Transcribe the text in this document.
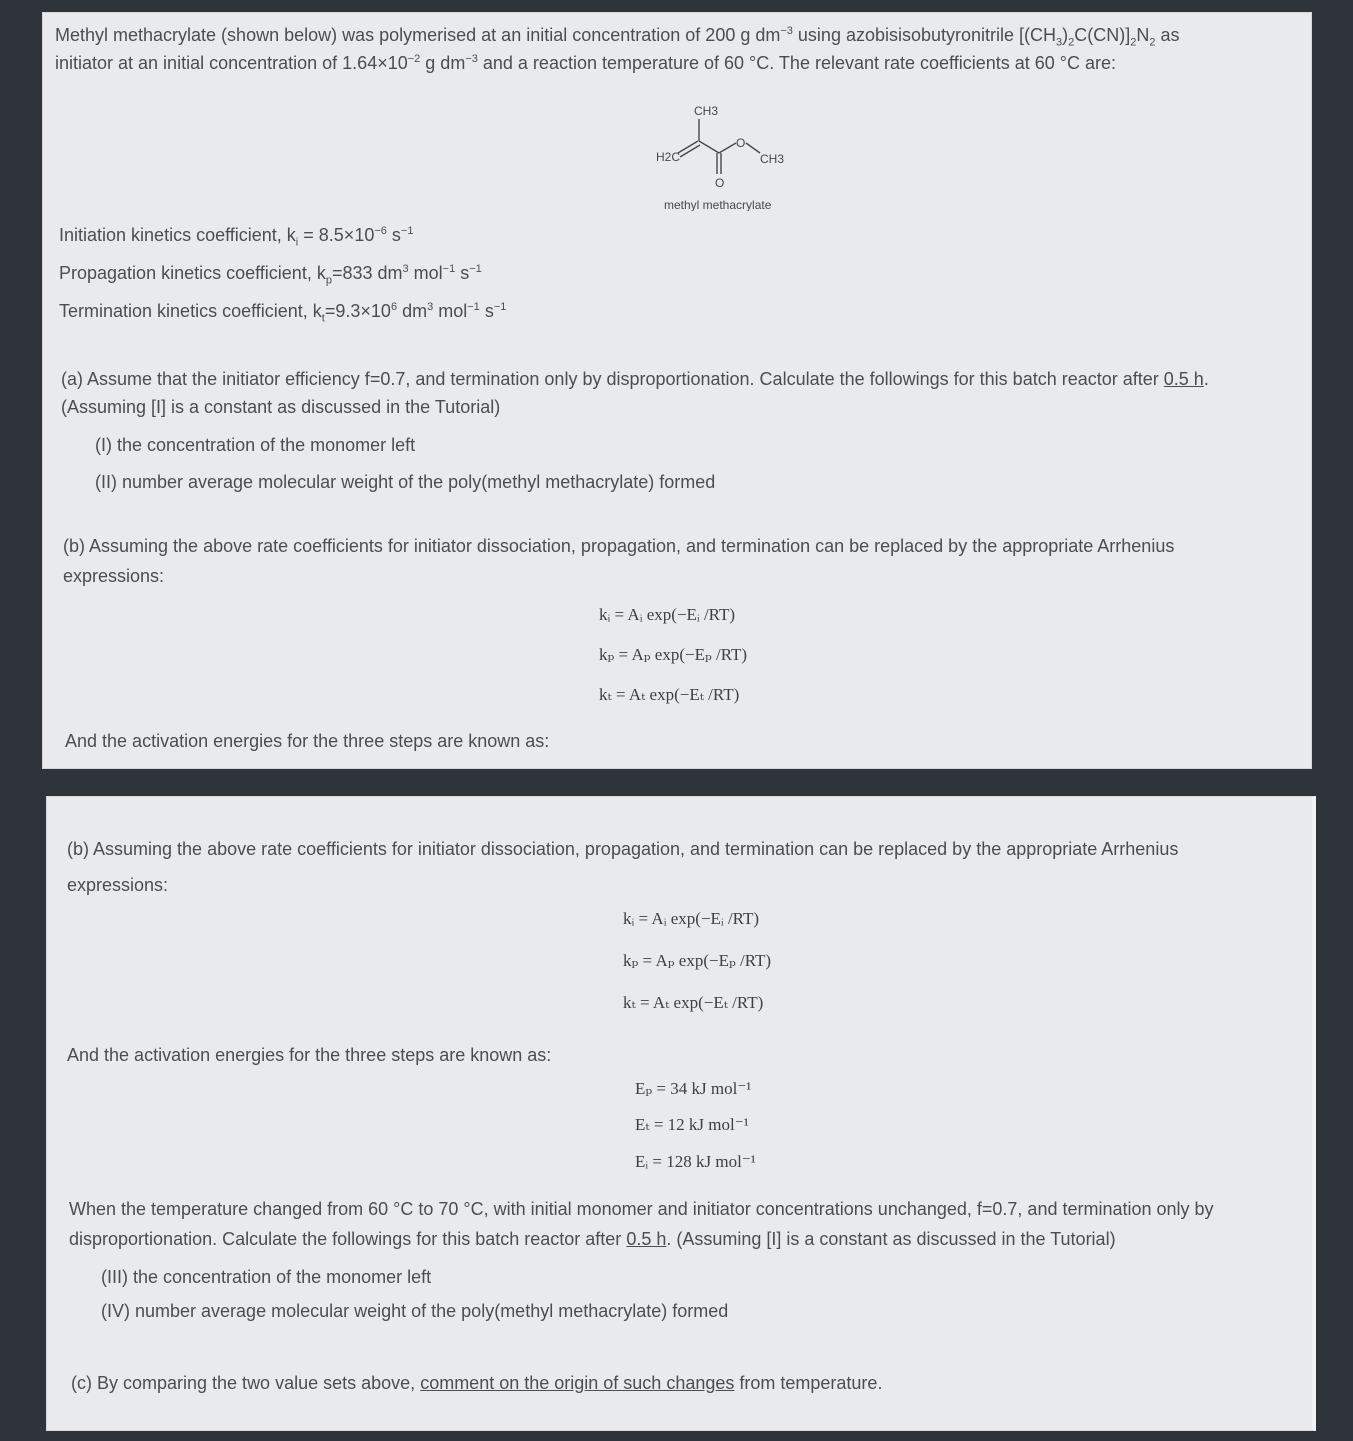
Methyl methacrylate (shown below) was polymerised at an initial concentration of 200 g $dm^{-3}$ using azobisisobutyronitrile $[(CH_3)_2C(CN)]_2N_2$ as
initiator at an initial concentration of $1.64\times 10^{-2}$ g $dm^{-3}$ and a reaction temperature of 60 °C. The relevant rate coefficients at 60 °C are:
CH3
H2C
O
CH3
O
methyl methacrylate
Initiation kinetics coefficient, $k_i = 8.5\times 10^{-6}$ $s^{-1}$
Propagation kinetics coefficient, $k_p=833$ $dm^3$ mol$^{-1}$ $s^{-1}$
Termination kinetics coefficient, $k_t=9.3\times 10^6$ $dm^3$ mol$^{-1}$ $s^{-1}$
(a) Assume that the initiator efficiency f=0.7, and termination only by disproportionation. Calculate the followings for this batch reactor after 0.5 h.
(Assuming [I] is a constant as discussed in the Tutorial)
(I) the concentration of the monomer left
(II) number average molecular weight of the poly(methyl methacrylate) formed
(b) Assuming the above rate coefficients for initiator dissociation, propagation, and termination can be replaced by the appropriate Arrhenius
expressions:
kᵢ = Aᵢ exp(−Eᵢ /RT)
kₚ = Aₚ exp(−Eₚ /RT)
kₜ = Aₜ exp(−Eₜ /RT)
And the activation energies for the three steps are known as:
(b) Assuming the above rate coefficients for initiator dissociation, propagation, and termination can be replaced by the appropriate Arrhenius
expressions:
kᵢ = Aᵢ exp(−Eᵢ /RT)
kₚ = Aₚ exp(−Eₚ /RT)
kₜ = Aₜ exp(−Eₜ /RT)
And the activation energies for the three steps are known as:
Eₚ = 34 kJ mol⁻¹
Eₜ = 12 kJ mol⁻¹
Eᵢ = 128 kJ mol⁻¹
When the temperature changed from 60 °C to 70 °C, with initial monomer and initiator concentrations unchanged, f=0.7, and termination only by
disproportionation. Calculate the followings for this batch reactor after 0.5 h. (Assuming [I] is a constant as discussed in the Tutorial)
(III) the concentration of the monomer left
(IV) number average molecular weight of the poly(methyl methacrylate) formed
(c) By comparing the two value sets above, comment on the origin of such changes from temperature.
